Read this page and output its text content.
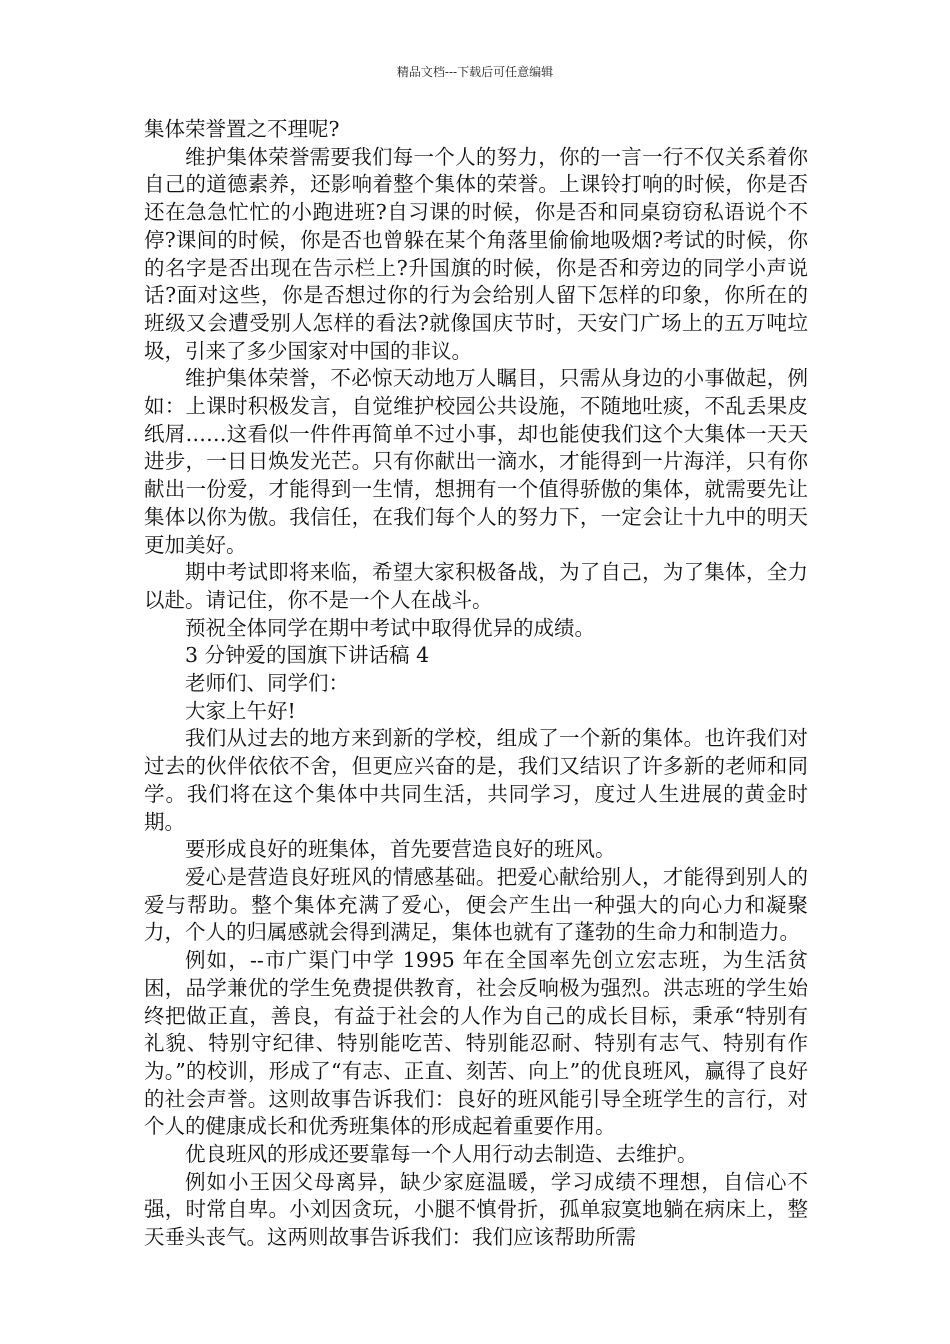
精品文档---下载后可任意编辑

集体荣誉置之不理呢?

维护集体荣誉需要我们每一个人的努力，你的一言一行不仅关系着你自己的道德素养，还影响着整个集体的荣誉。上课铃打响的时候，你是否还在急急忙忙的小跑进班?自习课的时候，你是否和同桌窃窃私语说个不停?课间的时候，你是否也曾躲在某个角落里偷偷地吸烟?考试的时候，你的名字是否出现在告示栏上?升国旗的时候，你是否和旁边的同学小声说话?面对这些，你是否想过你的行为会给别人留下怎样的印象，你所在的班级又会遭受别人怎样的看法?就像国庆节时，天安门广场上的五万吨垃圾，引来了多少国家对中国的非议。

维护集体荣誉，不必惊天动地万人瞩目，只需从身边的小事做起，例如：上课时积极发言，自觉维护校园公共设施，不随地吐痰，不乱丢果皮纸屑……这看似一件件再简单不过小事，却也能使我们这个大集体一天天进步，一日日焕发光芒。只有你献出一滴水，才能得到一片海洋，只有你献出一份爱，才能得到一生情，想拥有一个值得骄傲的集体，就需要先让集体以你为傲。我信任，在我们每个人的努力下，一定会让十九中的明天更加美好。

期中考试即将来临，希望大家积极备战，为了自己，为了集体，全力以赴。请记住，你不是一个人在战斗。

预祝全体同学在期中考试中取得优异的成绩。

3 分钟爱的国旗下讲话稿 4

老师们、同学们：

大家上午好!

我们从过去的地方来到新的学校，组成了一个新的集体。也许我们对过去的伙伴依依不舍，但更应兴奋的是，我们又结识了许多新的老师和同学。我们将在这个集体中共同生活，共同学习，度过人生进展的黄金时期。

要形成良好的班集体，首先要营造良好的班风。

爱心是营造良好班风的情感基础。把爱心献给别人，才能得到别人的爱与帮助。整个集体充满了爱心，便会产生出一种强大的向心力和凝聚力，个人的归属感就会得到满足，集体也就有了蓬勃的生命力和制造力。

例如，--市广渠门中学 1995 年在全国率先创立宏志班，为生活贫困，品学兼优的学生免费提供教育，社会反响极为强烈。洪志班的学生始终把做正直，善良，有益于社会的人作为自己的成长目标，秉承“特别有礼貌、特别守纪律、特别能吃苦、特别能忍耐、特别有志气、特别有作为。”的校训，形成了“有志、正直、刻苦、向上”的优良班风，赢得了良好的社会声誉。这则故事告诉我们：良好的班风能引导全班学生的言行，对个人的健康成长和优秀班集体的形成起着重要作用。

优良班风的形成还要靠每一个人用行动去制造、去维护。

例如小王因父母离异，缺少家庭温暖，学习成绩不理想，自信心不强，时常自卑。小刘因贪玩，小腿不慎骨折，孤单寂寞地躺在病床上，整天垂头丧气。这两则故事告诉我们：我们应该帮助所需
